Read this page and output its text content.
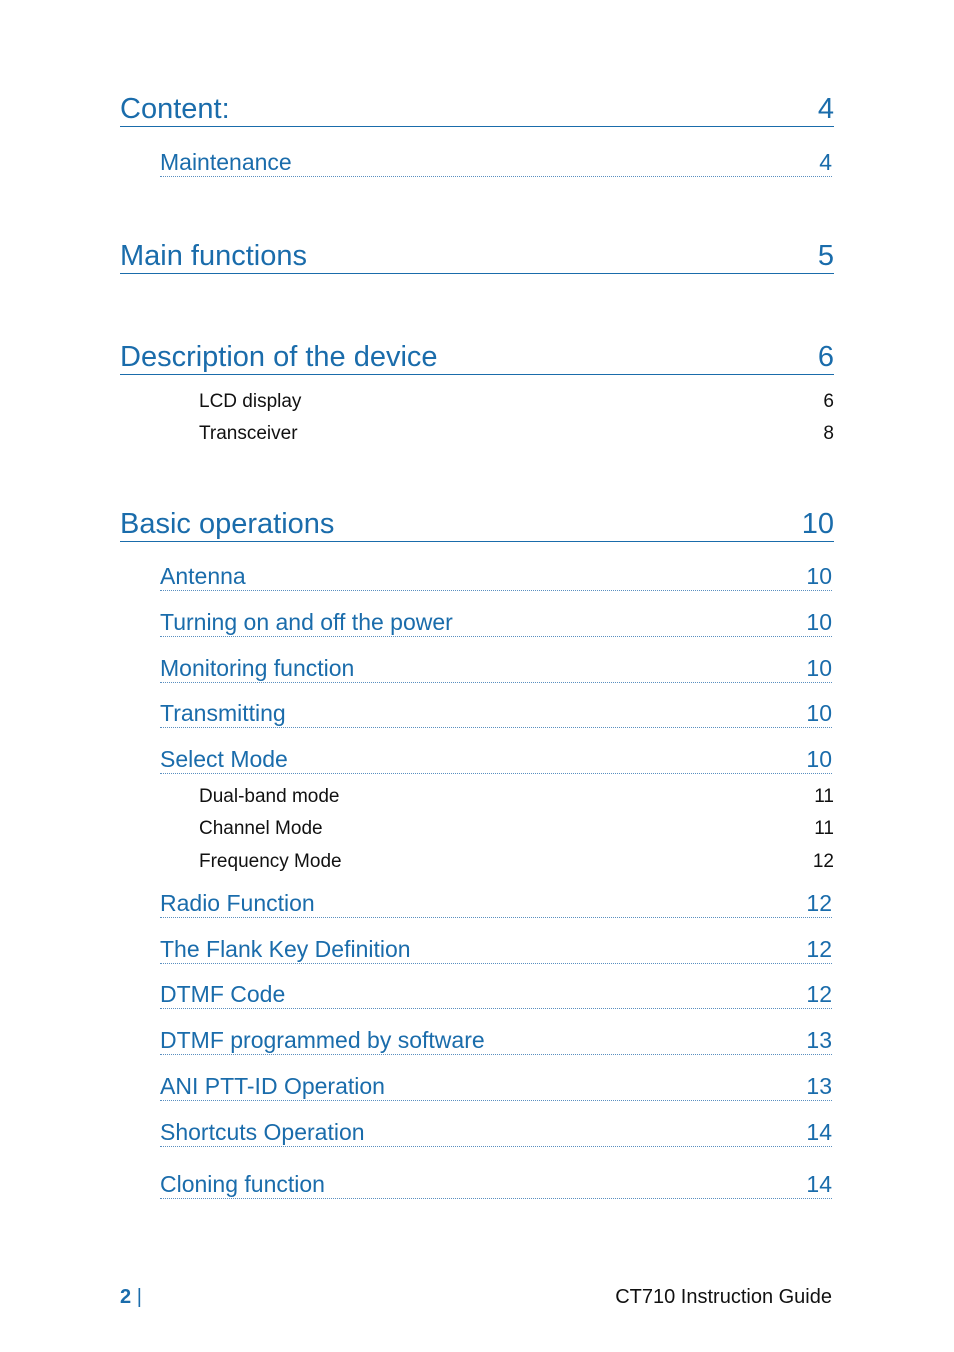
Content:	4
Maintenance	4
Main functions	5
Description of the device	6
LCD display	6
Transceiver	8
Basic operations	10
Antenna	10
Turning on and off the power	10
Monitoring function	10
Transmitting	10
Select Mode	10
Dual-band mode	11
Channel Mode	11
Frequency Mode	12
Radio Function	12
The Flank Key Definition	12
DTMF Code	12
DTMF programmed by software	13
ANI PTT-ID Operation	13
Shortcuts Operation	14
Cloning function	14
2 |	CT710 Instruction Guide
